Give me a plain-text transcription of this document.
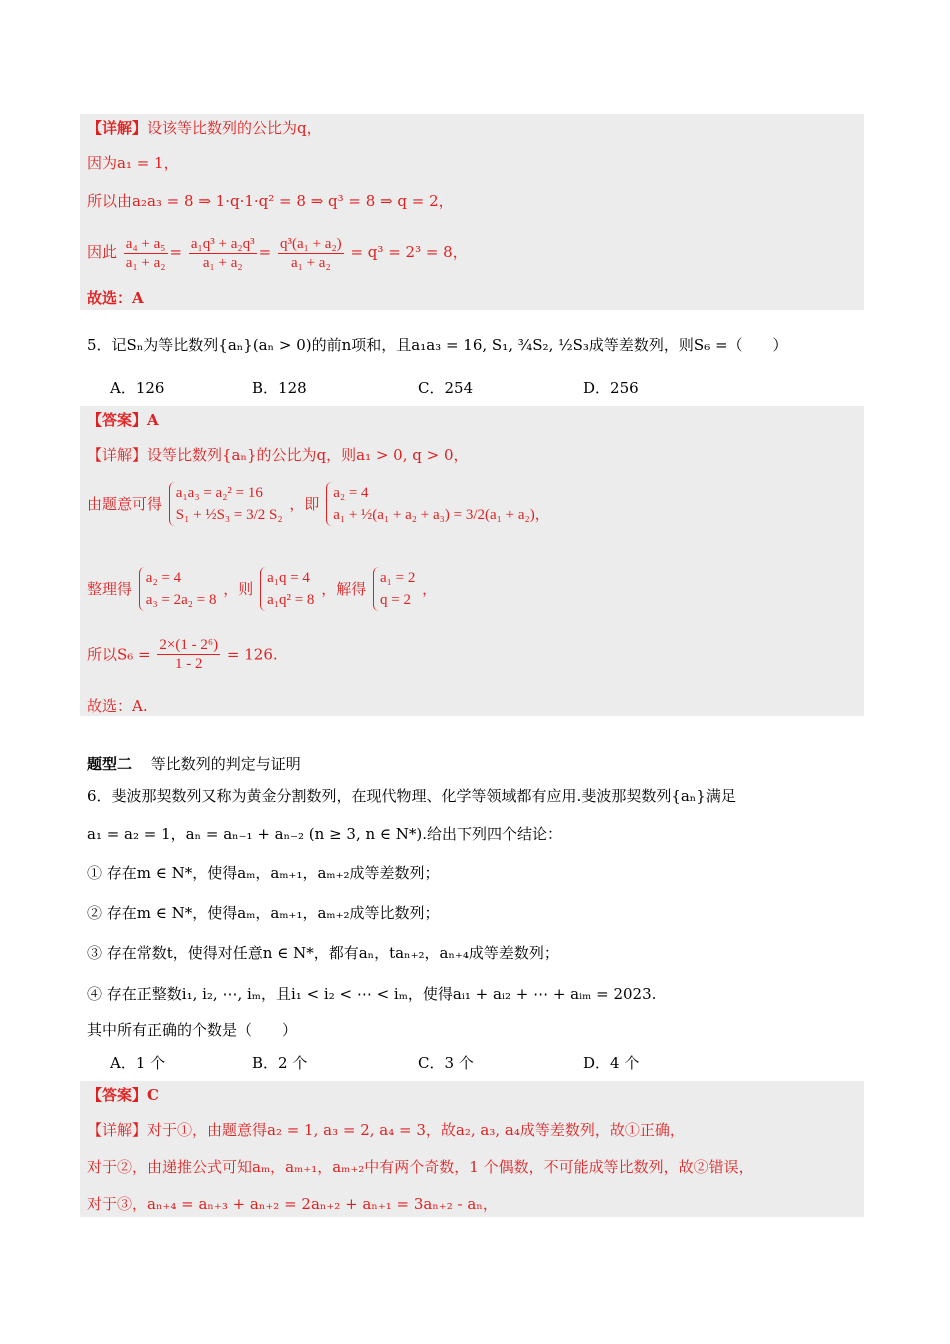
【详解】设该等比数列的公比为q，
因为a₁ = 1，
所以由a₂a₃ = 8 ⇒ 1·q·1·q² = 8 ⇒ q³ = 8 ⇒ q = 2，
因此 $\frac{\text{a₄ + a₅}}{\text{a₁ + a₂}} = \frac{\text{a₁q³ + a₂q³}}{\text{a₁ + a₂}} = \frac{\text{q³(a₁ + a₂)}}{\text{a₁ + a₂}} = q^3 = 2^3 = 8$，
故选：A
5．记Sₙ为等比数列{aₙ}(aₙ > 0)的前n项和，且a₁a₃ = 16, S₁, ¾S₂, ½S₃成等差数列，则S₆ =（　　）
A．126	B．128	C．254	D．256
【答案】A
【详解】设等比数列{aₙ}的公比为q，则a₁ > 0, q > 0，
由题意可得
a₁a₃ = a₂² = 16
S₁ + ½S₃ = 3/2 S₂
，即
a₂ = 4
a₁ + ½(a₁ + a₂ + a₃) = 3/2(a₁ + a₂)，
整理得
a₂ = 4
a₃ = 2a₂ = 8
，则
a₁q = 4
a₁q² = 8
，解得
a₁ = 2
q = 2
，
所以$S_6 = \frac{\text{2×(1 - 2⁶)}}{1 - 2} = 126$.
故选：A.
题型二 等比数列的判定与证明
6．斐波那契数列又称为黄金分割数列，在现代物理、化学等领域都有应用.斐波那契数列{aₙ}满足
a₁ = a₂ = 1，aₙ = aₙ₋₁ + aₙ₋₂ (n ≥ 3, n ∈ N*).给出下列四个结论：
① 存在m ∈ N*，使得aₘ，aₘ₊₁，aₘ₊₂成等差数列；
② 存在m ∈ N*，使得aₘ，aₘ₊₁，aₘ₊₂成等比数列；
③ 存在常数t，使得对任意n ∈ N*，都有aₙ，taₙ₊₂，aₙ₊₄成等差数列；
④ 存在正整数i₁, i₂, ⋯, iₘ，且i₁ < i₂ < ⋯ < iₘ，使得aᵢ₁ + aᵢ₂ + ⋯ + aᵢₘ = 2023.
其中所有正确的个数是（　　）
A．1 个	B．2 个	C．3 个	D．4 个
【答案】C
【详解】对于①，由题意得a₂ = 1, a₃ = 2, a₄ = 3，故a₂, a₃, a₄成等差数列，故①正确，
对于②，由递推公式可知aₘ，aₘ₊₁，aₘ₊₂中有两个奇数，1 个偶数，不可能成等比数列，故②错误，
对于③，aₙ₊₄ = aₙ₊₃ + aₙ₊₂ = 2aₙ₊₂ + aₙ₊₁ = 3aₙ₊₂ - aₙ，
